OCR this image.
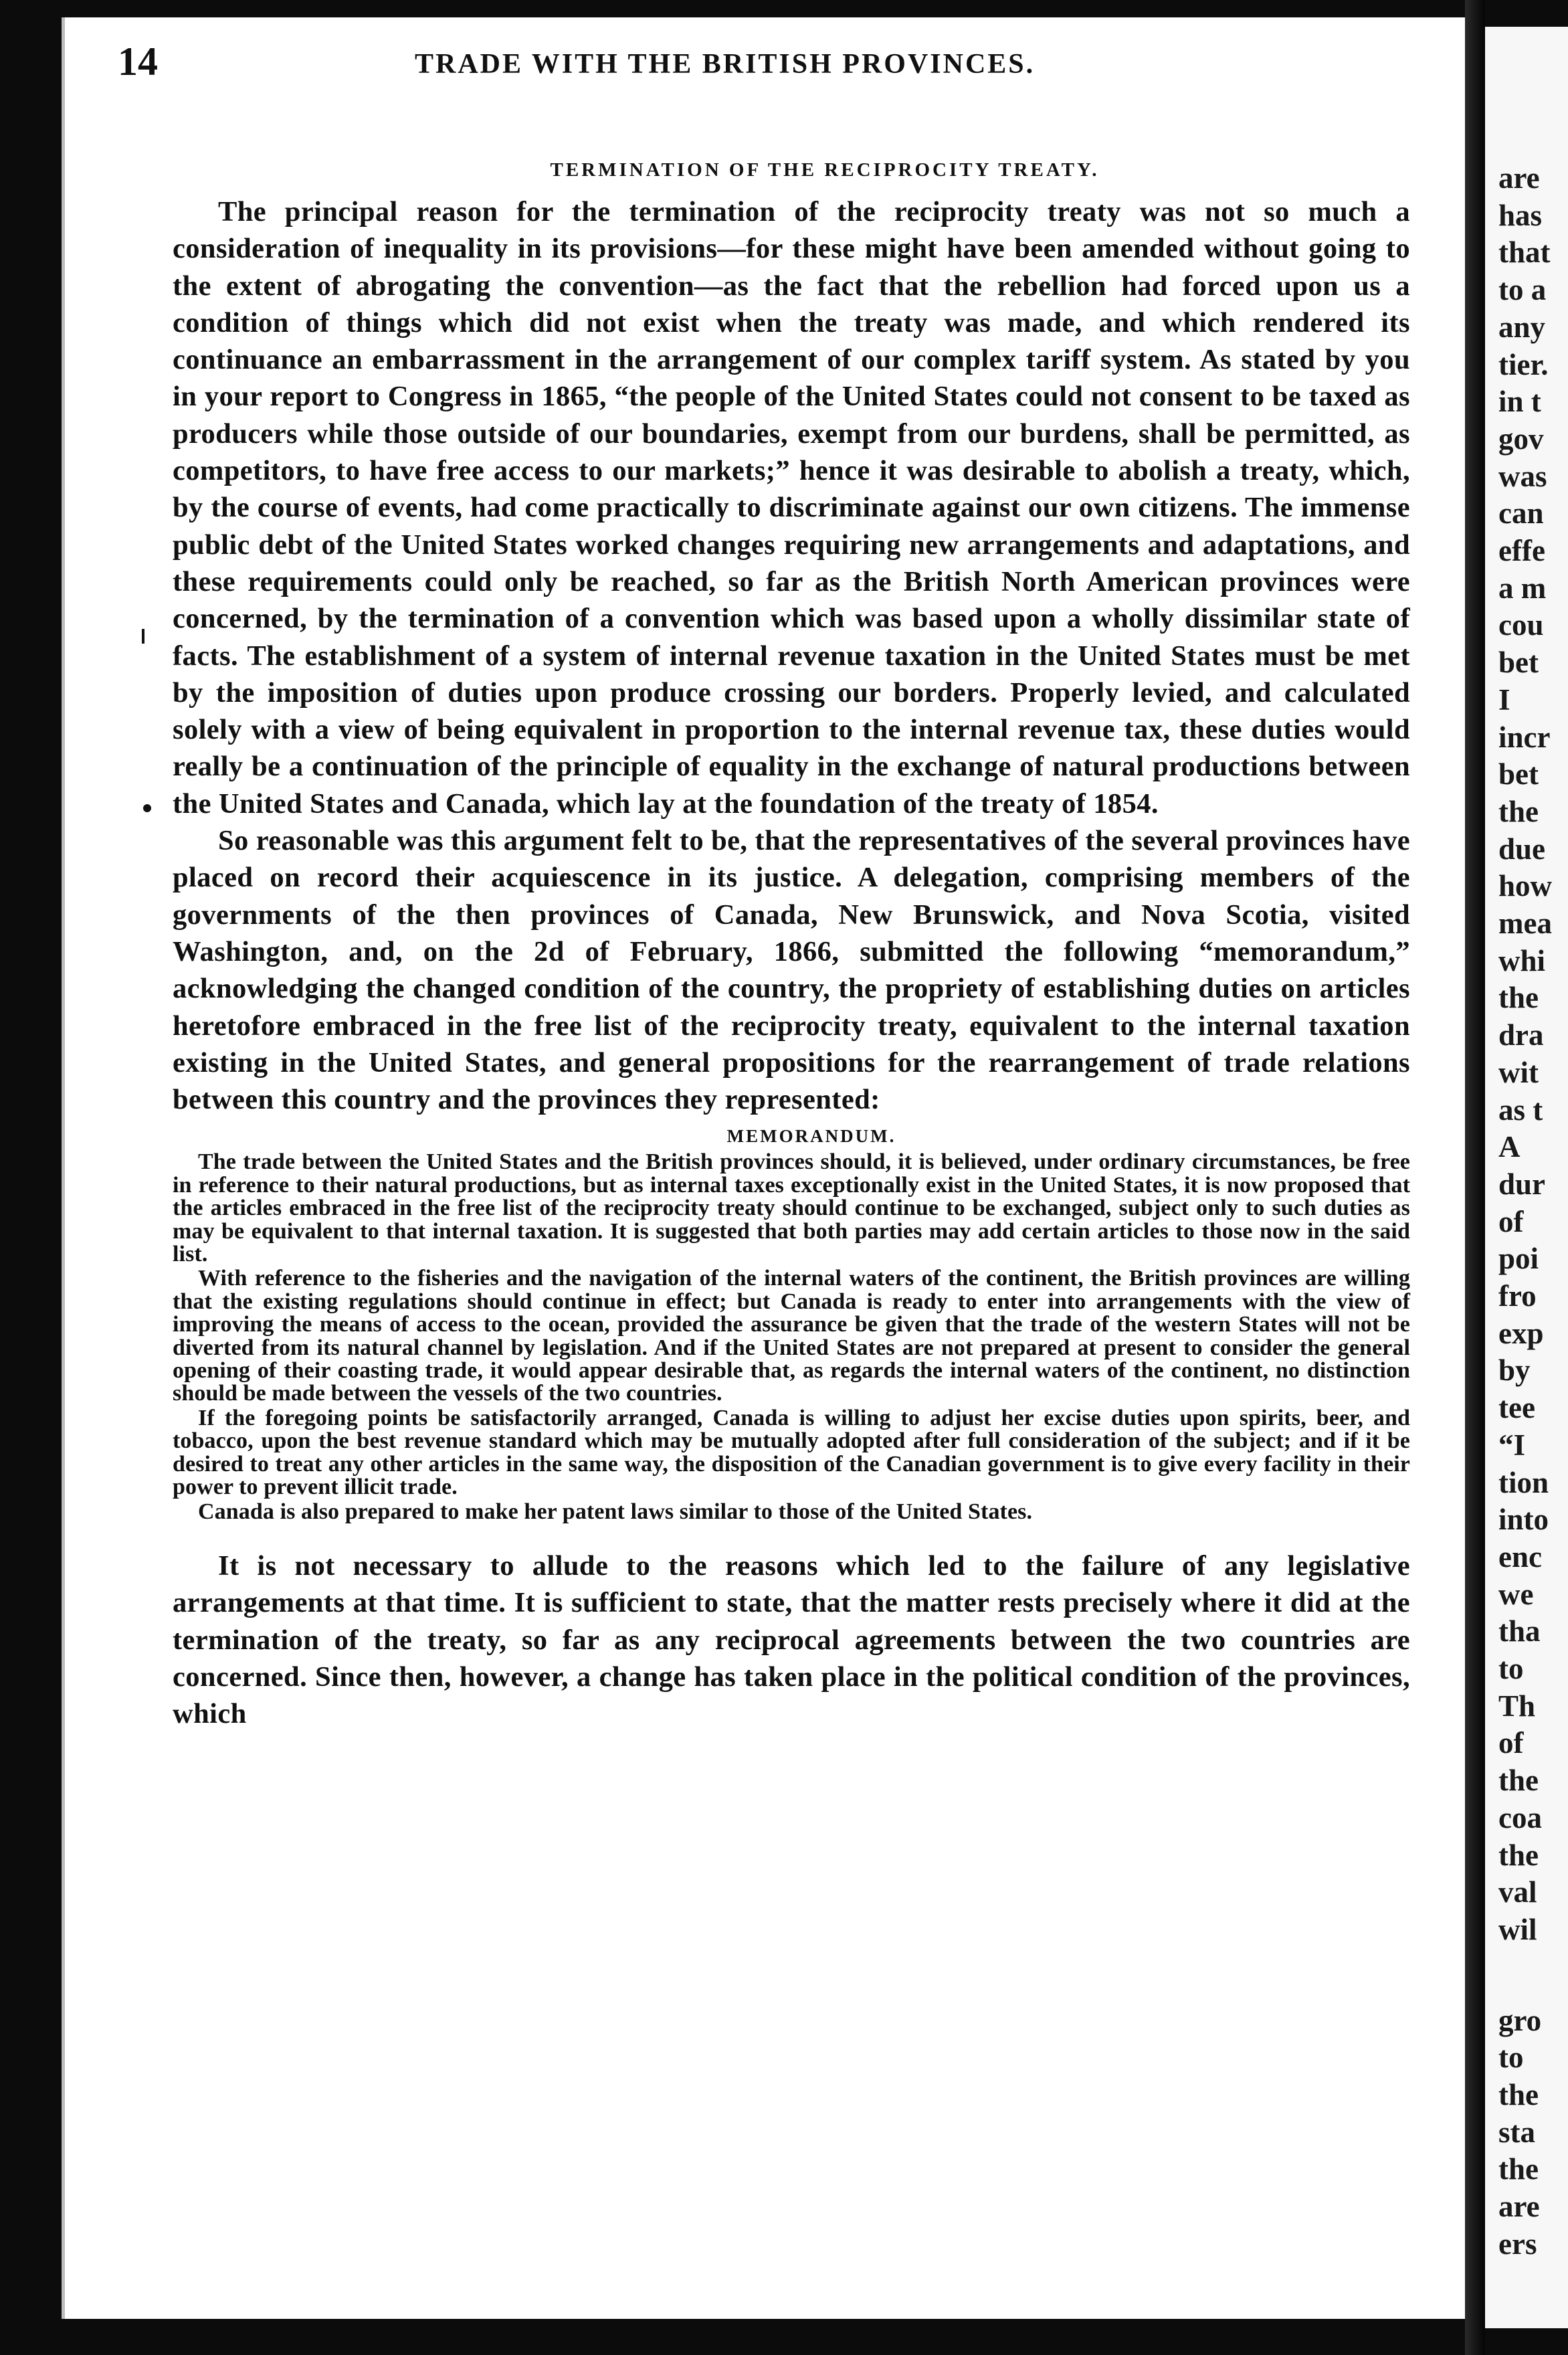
14	TRADE WITH THE BRITISH PROVINCES.
TERMINATION OF THE RECIPROCITY TREATY.

The principal reason for the termination of the reciprocity treaty was not so much a consideration of inequality in its provisions—for these might have been amended without going to the extent of abrogating the convention—as the fact that the rebellion had forced upon us a condition of things which did not exist when the treaty was made, and which rendered its continuance an embarrassment in the arrangement of our complex tariff system. As stated by you in your report to Congress in 1865, “the people of the United States could not consent to be taxed as producers while those outside of our boundaries, exempt from our burdens, shall be permitted, as competitors, to have free access to our markets;” hence it was desirable to abolish a treaty, which, by the course of events, had come practically to discriminate against our own citizens. The immense public debt of the United States worked changes requiring new arrangements and adaptations, and these requirements could only be reached, so far as the British North American provinces were concerned, by the termination of a convention which was based upon a wholly dissimilar state of facts. The establishment of a system of internal revenue taxation in the United States must be met by the imposition of duties upon produce crossing our borders. Properly levied, and calculated solely with a view of being equivalent in proportion to the internal revenue tax, these duties would really be a continuation of the principle of equality in the exchange of natural productions between the United States and Canada, which lay at the foundation of the treaty of 1854.

So reasonable was this argument felt to be, that the representatives of the several provinces have placed on record their acquiescence in its justice. A delegation, comprising members of the governments of the then provinces of Canada, New Brunswick, and Nova Scotia, visited Washington, and, on the 2d of February, 1866, submitted the following “memorandum,” acknowledging the changed condition of the country, the propriety of establishing duties on articles heretofore embraced in the free list of the reciprocity treaty, equivalent to the internal taxation existing in the United States, and general propositions for the rearrangement of trade relations between this country and the provinces they represented:

MEMORANDUM.

The trade between the United States and the British provinces should, it is believed, under ordinary circumstances, be free in reference to their natural productions, but as internal taxes exceptionally exist in the United States, it is now proposed that the articles embraced in the free list of the reciprocity treaty should continue to be exchanged, subject only to such duties as may be equivalent to that internal taxation. It is suggested that both parties may add certain articles to those now in the said list.

With reference to the fisheries and the navigation of the internal waters of the continent, the British provinces are willing that the existing regulations should continue in effect; but Canada is ready to enter into arrangements with the view of improving the means of access to the ocean, provided the assurance be given that the trade of the western States will not be diverted from its natural channel by legislation. And if the United States are not prepared at present to consider the general opening of their coasting trade, it would appear desirable that, as regards the internal waters of the continent, no distinction should be made between the vessels of the two countries.

If the foregoing points be satisfactorily arranged, Canada is willing to adjust her excise duties upon spirits, beer, and tobacco, upon the best revenue standard which may be mutually adopted after full consideration of the subject; and if it be desired to treat any other articles in the same way, the disposition of the Canadian government is to give every facility in their power to prevent illicit trade.

Canada is also prepared to make her patent laws similar to those of the United States.

It is not necessary to allude to the reasons which led to the failure of any legislative arrangements at that time. It is sufficient to state, that the matter rests precisely where it did at the termination of the treaty, so far as any reciprocal agreements between the two countries are concerned. Since then, however, a change has taken place in the political condition of the provinces, which

are
has
that
to a
any
tier.
in t
gov
was
can
effe
a m
cou
bet
I
incr
bet
the
due
how
mea
whi
the
dra
wit
as t
A
dur
of
poi
fro
exp
by
tee
“I
tion
into
enc
we
tha
to
Th
of
the
coa
the
val
wil
gro
to
the
sta
the
are
ers
